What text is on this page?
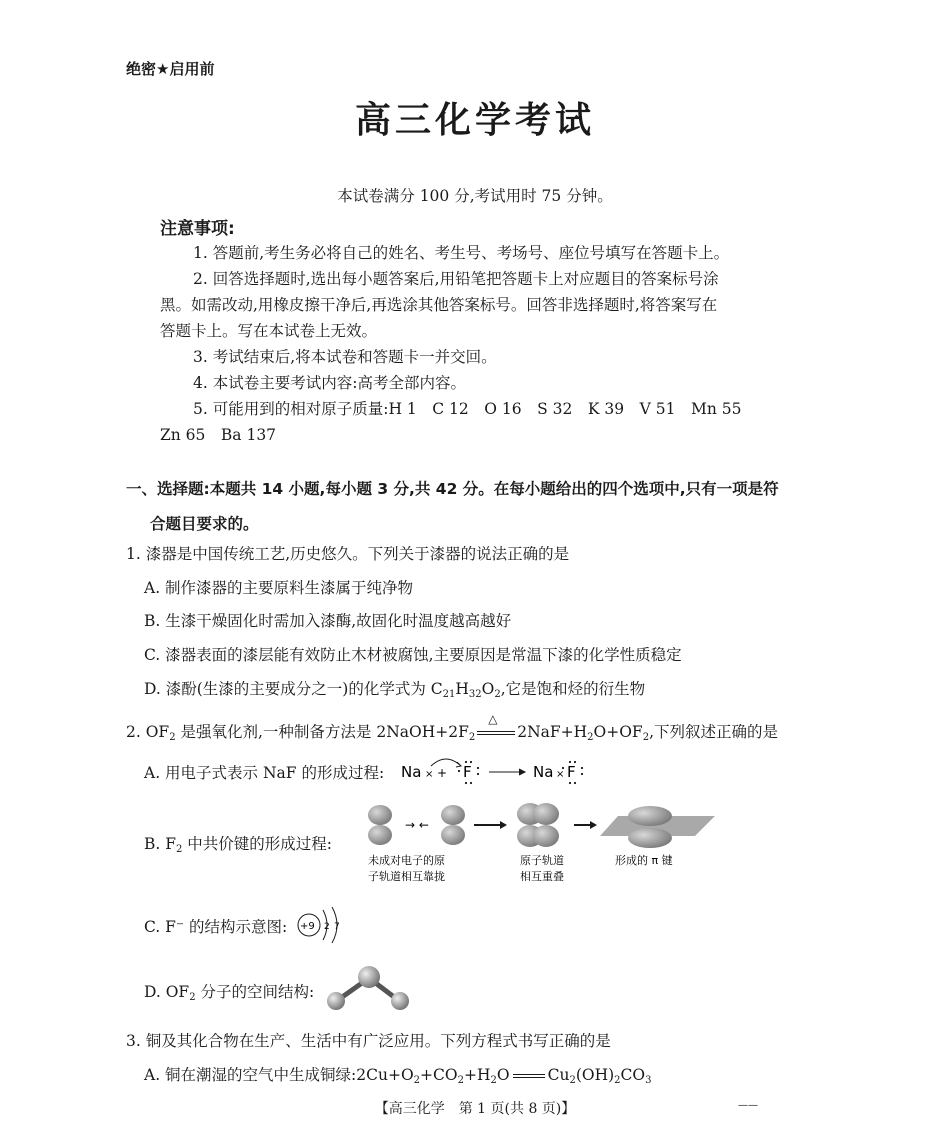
绝密★启用前
高三化学考试
本试卷满分 100 分,考试用时 75 分钟。
注意事项:
1. 答题前,考生务必将自己的姓名、考生号、考场号、座位号填写在答题卡上。
2. 回答选择题时,选出每小题答案后,用铅笔把答题卡上对应题目的答案标号涂
黑。如需改动,用橡皮擦干净后,再选涂其他答案标号。回答非选择题时,将答案写在
答题卡上。写在本试卷上无效。
3. 考试结束后,将本试卷和答题卡一并交回。
4. 本试卷主要考试内容:高考全部内容。
5. 可能用到的相对原子质量:H 1　C 12　O 16　S 32　K 39　V 51　Mn 55
Zn 65　Ba 137
一、选择题:本题共 14 小题,每小题 3 分,共 42 分。在每小题给出的四个选项中,只有一项是符
合题目要求的。
1. 漆器是中国传统工艺,历史悠久。下列关于漆器的说法正确的是
A. 制作漆器的主要原料生漆属于纯净物
B. 生漆干燥固化时需加入漆酶,故固化时温度越高越好
C. 漆器表面的漆层能有效防止木材被腐蚀,主要原因是常温下漆的化学性质稳定
D. 漆酚(生漆的主要成分之一)的化学式为 $C_{21}H_{32}O_2$,它是饱和烃的衍生物
2. $OF_2$ 是强氧化剂,一种制备方法是 $2NaOH+2F_2$
△
$2NaF+H_2O+OF_2$,下列叙述正确的是
A. 用电子式表示 NaF 的形成过程: Na × + F	Na × F
B. $F_2$ 中共价键的形成过程:
→ ←
未成对电子的原
子轨道相互靠拢
原子轨道
相互重叠
形成的 π 键
C. F⁻ 的结构示意图: +9 2 7
D. $OF_2$ 分子的空间结构:
3. 铜及其化合物在生产、生活中有广泛应用。下列方程式书写正确的是
A. 铜在潮湿的空气中生成铜绿$:2Cu+O_2+CO_2+H_2O$ $Cu_2(OH)_2CO_3$
【高三化学　第 1 页(共 8 页)】	——
